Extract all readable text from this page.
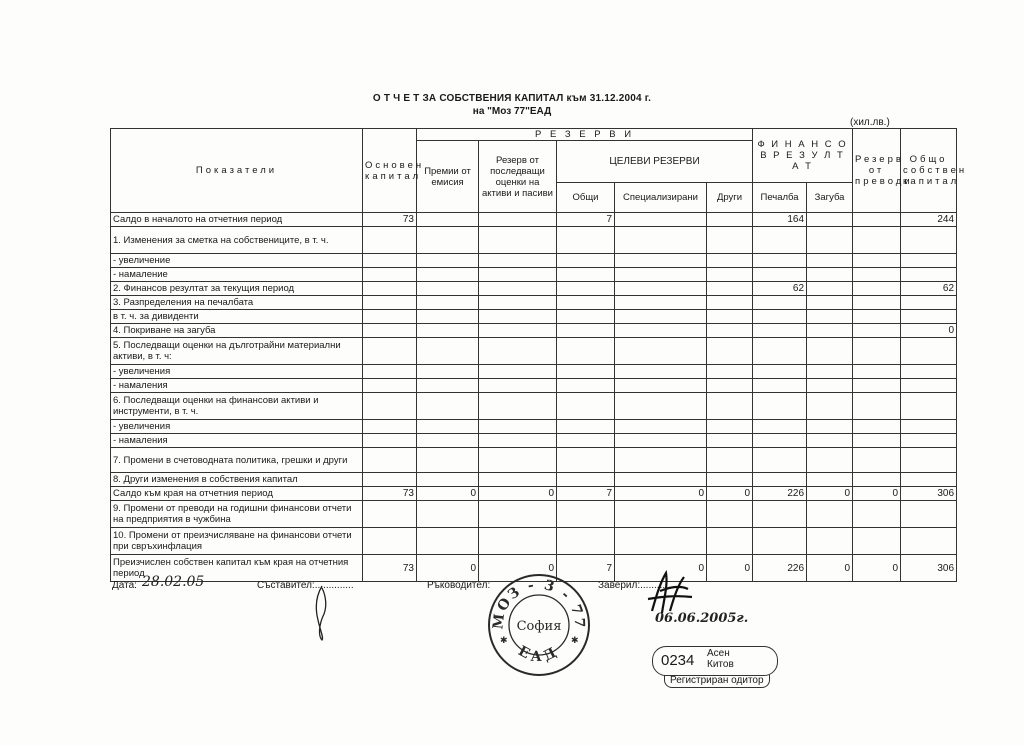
О Т Ч Е Т ЗА СОБСТВЕНИЯ КАПИТАЛ към 31.12.2004 г.
на "Моз 77"ЕАД
(хил.лв.)
Показатели	Основен капитал	Р Е З Е Р В И					Ф И Н А Н С О В Р Е З У Л Т А Т		Резерв от преводи	Общо собствен капитал
		Премии от емисия	Резерв от последващи оценки на активи и пасиви	ЦЕЛЕВИ РЕЗЕРВИ						
				Общи	Специализирани	Други	Печалба	Загуба		
Салдо в началото на отчетния период	73			7			164			244
1. Изменения за сметка на собствениците, в т. ч.										
- увеличение										
- намаление										
2. Финансов резултат за текущия период							62			62
3. Разпределения на печалбата										
в т. ч. за дивиденти										
4. Покриване на загуба										0
5. Последващи оценки на дълготрайни материални активи, в т. ч:										
- увеличения										
- намаления										
6. Последващи оценки на финансови активи и инструменти, в т. ч.										
- увеличения										
- намаления										
7. Промени в счетоводната политика, грешки и други										
8. Други изменения в собствения капитал										
Салдо към края на отчетния период	73	0	0	7	0	0	226	0	0	306
9. Промени от преводи на годишни финансови отчети на предприятия в чужбина										
10. Промени от преизчисляване на финансови отчети при свръхинфлация										
Преизчислен собствен капитал към края на отчетния период	73	0	0	7	0	0	226	0	0	306
Дата: 28.02.05	Съставител:..............	Ръководител:	Заверил:.............
МОЗ - 3 - 77
София
ЕАД
✱	✱
06.06.2005г.
0234 Асен
Китов
Регистриран одитор
